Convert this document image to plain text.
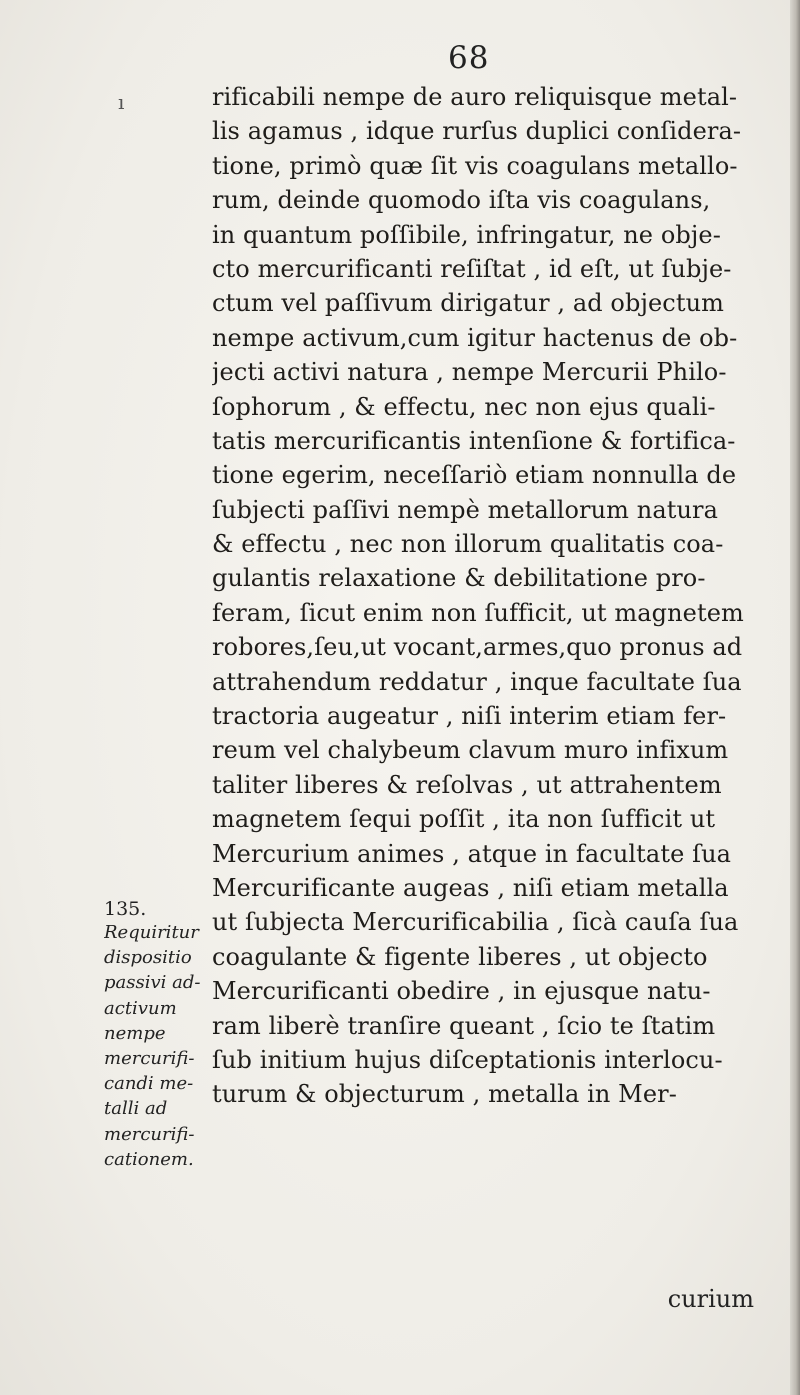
68
ı	rificabili nempe de auro reliquisque metal-
lis agamus , idque rurſus duplici conſidera-
tione, primò quæ ſit vis coagulans metallo-
rum, deinde quomodo iſta vis coagulans,
in quantum poſſibile, infringatur, ne obje-
cto mercurificanti reſiſtat , id eſt, ut ſubje-
ctum vel paſſivum dirigatur , ad objectum
nempe activum,cum igitur hactenus de ob-
jecti activi natura , nempe Mercurii Philo-
ſophorum , & effectu, nec non ejus quali-
tatis mercurificantis intenſione & fortifica-
tione egerim, neceſſariò etiam nonnulla de
ſubjecti paſſivi nempè metallorum natura
& effectu , nec non illorum qualitatis coa-
gulantis relaxatione & debilitatione pro-
feram, ſicut enim non ſufficit, ut magnetem
robores,ſeu,ut vocant,armes,quo pronus ad
attrahendum reddatur , inque facultate ſua
tractoria augeatur , niſi interim etiam fer-
reum vel chalybeum clavum muro infixum
taliter liberes & reſolvas , ut attrahentem
magnetem ſequi poſſit , ita non ſufficit ut
Mercurium animes , atque in facultate ſua
Mercurificante augeas , niſi etiam metalla
ut ſubjecta Mercurificabilia , ſicà cauſa ſua
coagulante & figente liberes , ut objecto
Mercurificanti obedire , in ejusque natu-
ram liberè tranſire queant , ſcio te ſtatim
ſub initium hujus diſceptationis interlocu-
turum & objecturum , metalla in Mer-
135.
Requiritur
dispositio
passivi ad-
activum
nempe
mercurifi-
candi me-
talli ad
mercurifi-
cationem.
curium
